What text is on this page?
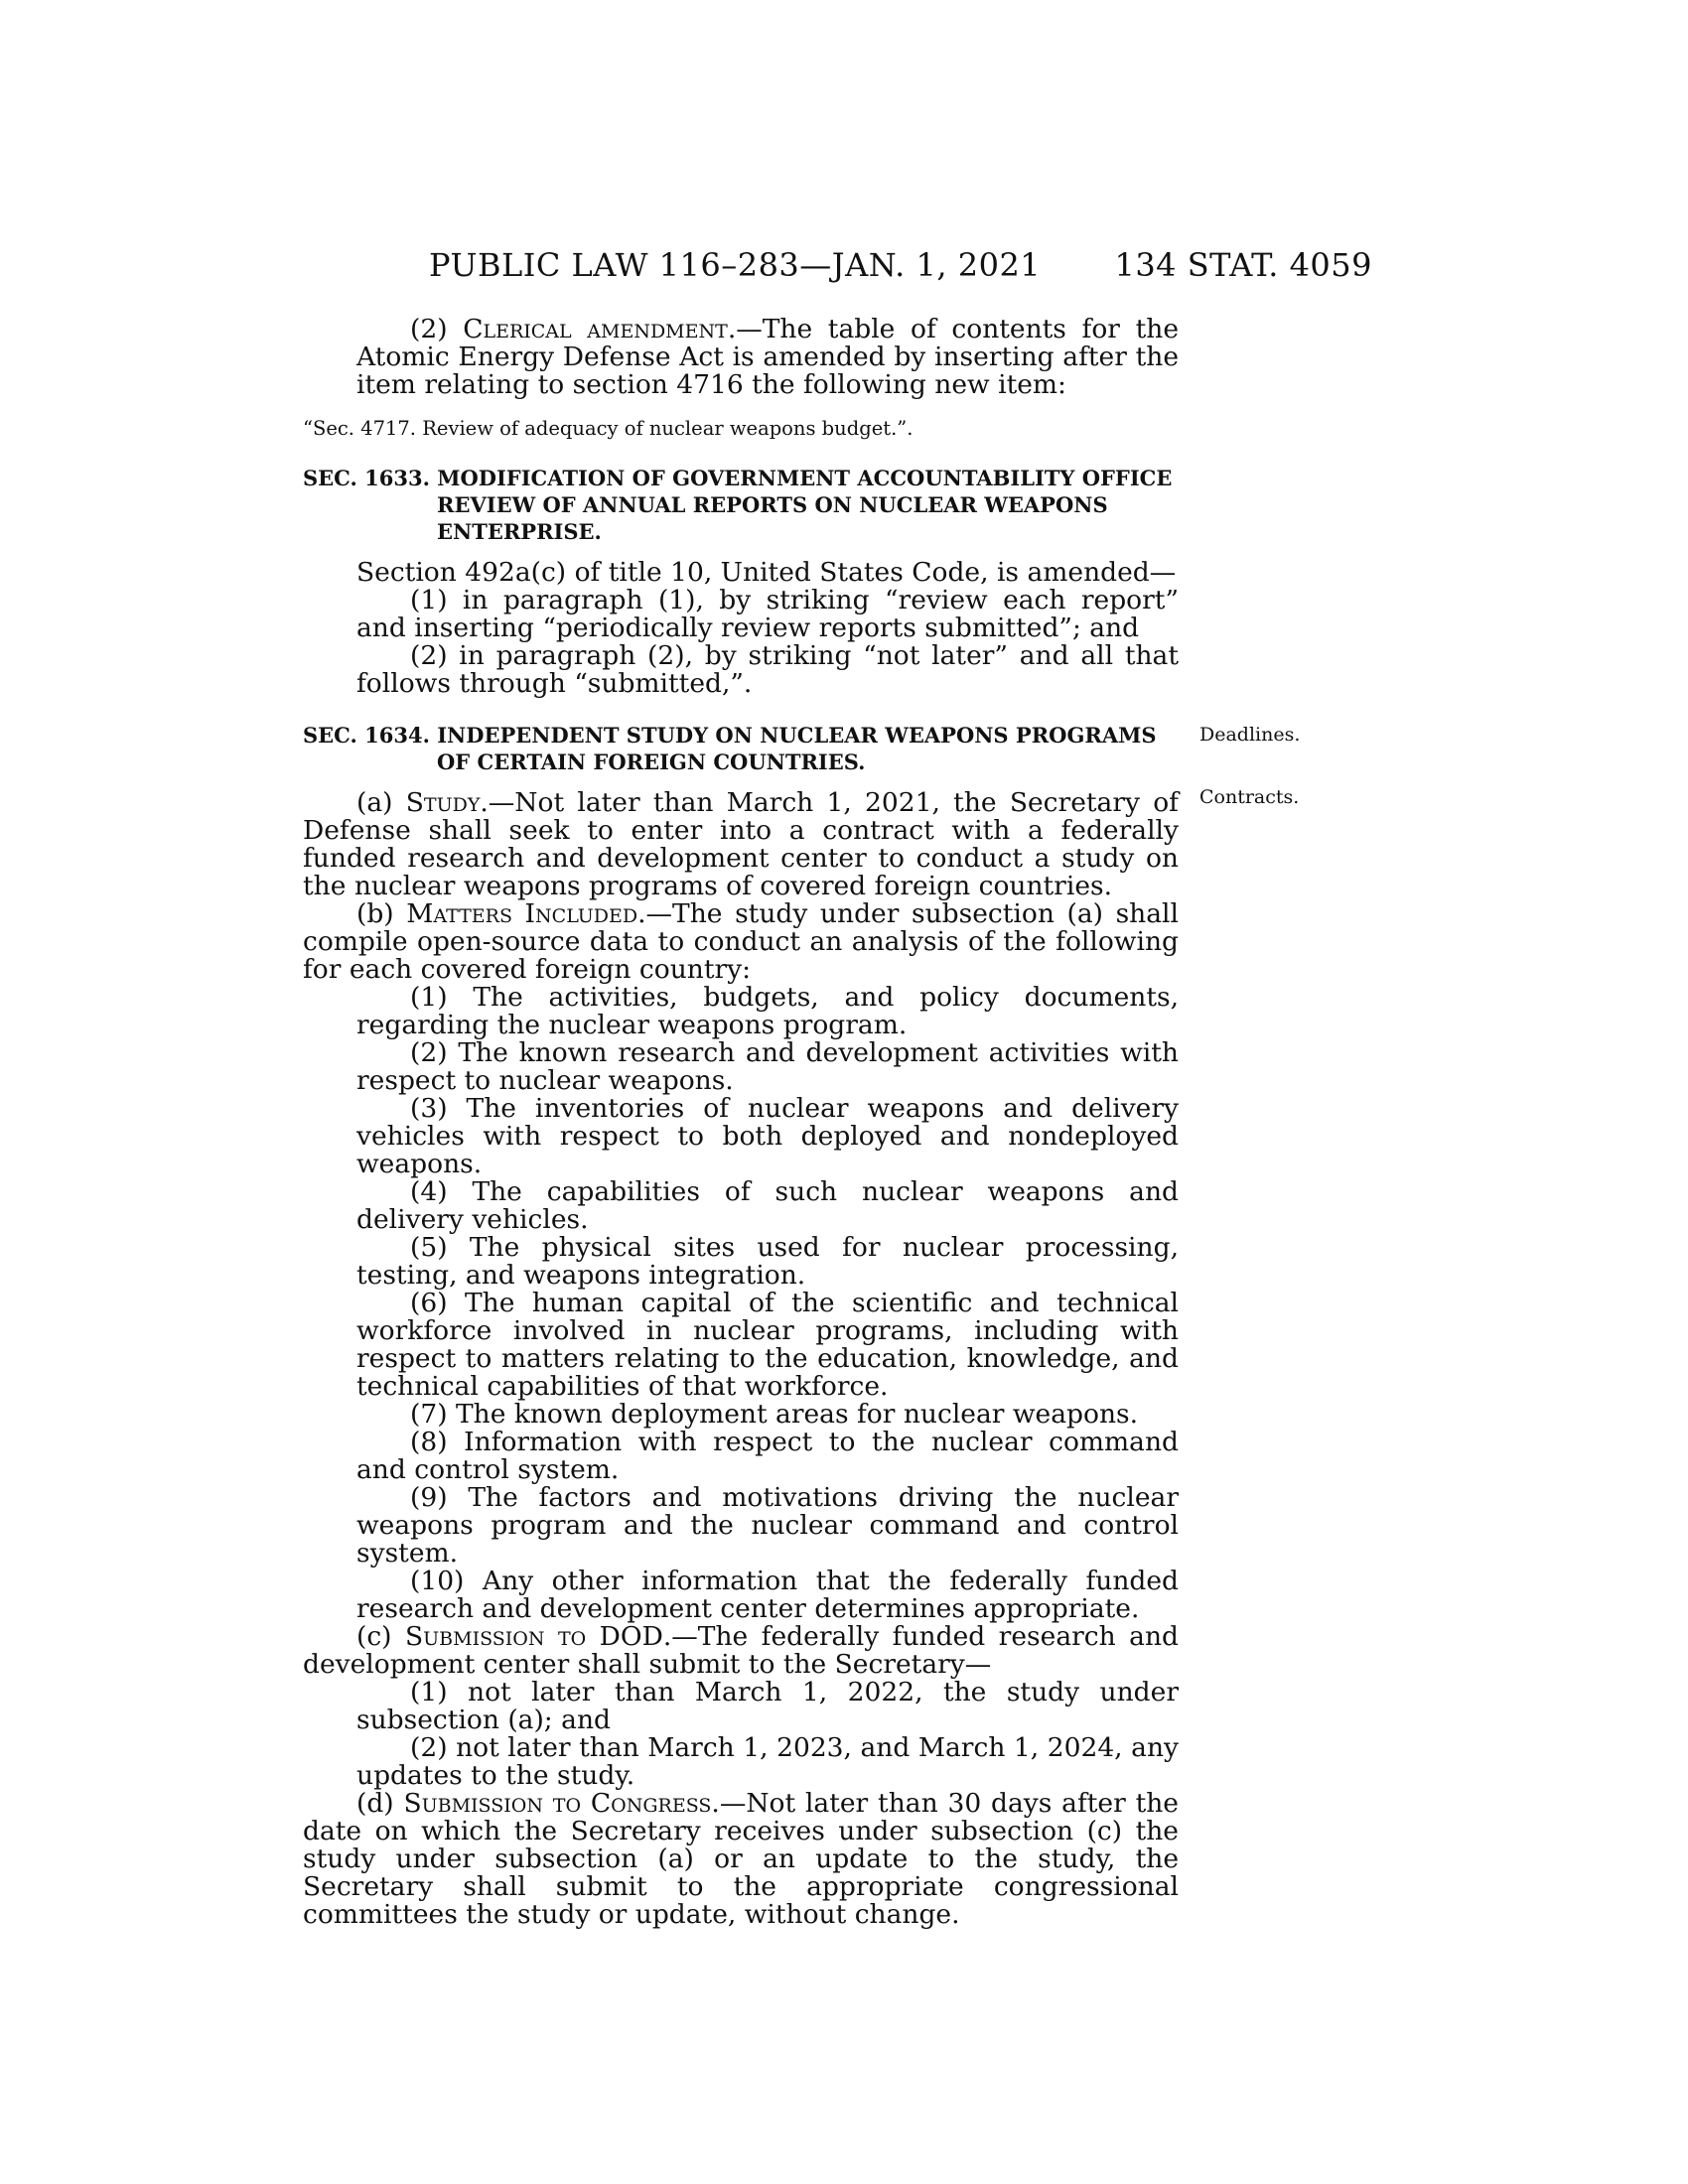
PUBLIC LAW 116–283—JAN. 1, 2021 134 STAT. 4059

(2) Clerical amendment.—The table of contents for the Atomic Energy Defense Act is amended by inserting after the item relating to section 4716 the following new item:

“Sec. 4717. Review of adequacy of nuclear weapons budget.”.

SEC. 1633. MODIFICATION OF GOVERNMENT ACCOUNTABILITY OFFICE
REVIEW OF ANNUAL REPORTS ON NUCLEAR WEAPONS
ENTERPRISE.

Section 492a(c) of title 10, United States Code, is amended—

(1) in paragraph (1), by striking “review each report” and inserting “periodically review reports submitted”; and

(2) in paragraph (2), by striking “not later” and all that follows through “submitted,”.

SEC. 1634. INDEPENDENT STUDY ON NUCLEAR WEAPONS PROGRAMS
OF CERTAIN FOREIGN COUNTRIES.

(a) Study.—Not later than March 1, 2021, the Secretary of Defense shall seek to enter into a contract with a federally funded research and development center to conduct a study on the nuclear weapons programs of covered foreign countries.

(b) Matters Included.—The study under subsection (a) shall compile open-source data to conduct an analysis of the following for each covered foreign country:

(1) The activities, budgets, and policy documents, regarding the nuclear weapons program.

(2) The known research and development activities with respect to nuclear weapons.

(3) The inventories of nuclear weapons and delivery vehicles with respect to both deployed and nondeployed weapons.

(4) The capabilities of such nuclear weapons and delivery vehicles.

(5) The physical sites used for nuclear processing, testing, and weapons integration.

(6) The human capital of the scientific and technical workforce involved in nuclear programs, including with respect to matters relating to the education, knowledge, and technical capabilities of that workforce.

(7) The known deployment areas for nuclear weapons.

(8) Information with respect to the nuclear command and control system.

(9) The factors and motivations driving the nuclear weapons program and the nuclear command and control system.

(10) Any other information that the federally funded research and development center determines appropriate.

(c) Submission to DOD.—The federally funded research and development center shall submit to the Secretary—

(1) not later than March 1, 2022, the study under subsection (a); and

(2) not later than March 1, 2023, and March 1, 2024, any updates to the study.

(d) Submission to Congress.—Not later than 30 days after the date on which the Secretary receives under subsection (c) the study under subsection (a) or an update to the study, the Secretary shall submit to the appropriate congressional committees the study or update, without change.

Deadlines.
Contracts.
